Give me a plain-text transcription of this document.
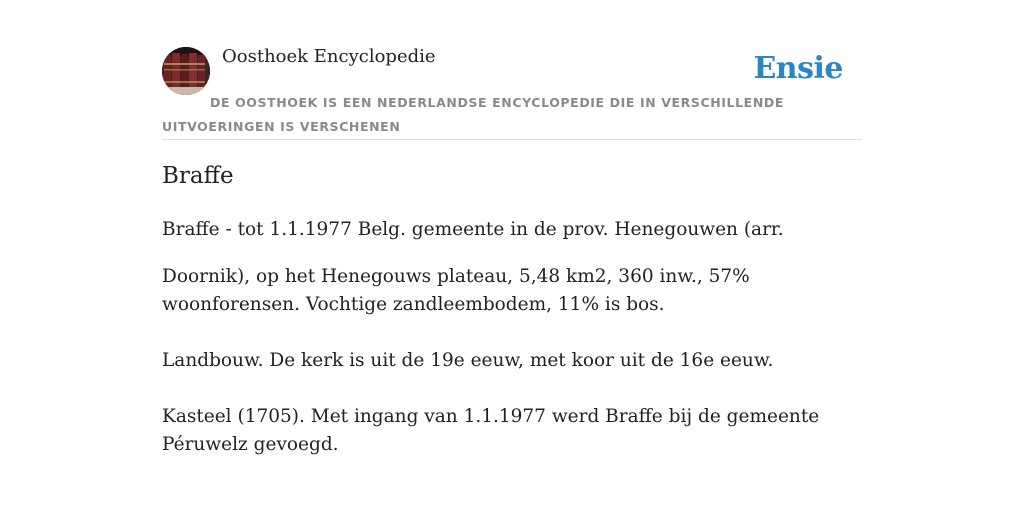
Oosthoek Encyclopedie	Ensie
DE OOSTHOEK IS EEN NEDERLANDSE ENCYCLOPEDIE DIE IN VERSCHILLENDE UITVOERINGEN IS VERSCHENEN
Braffe

Braffe - tot 1.1.1977 Belg. gemeente in de prov. Henegouwen (arr.

Doornik), op het Henegouws plateau, 5,48 km2, 360 inw., 57% woonforensen. Vochtige zandleembodem, 11% is bos.

Landbouw. De kerk is uit de 19e eeuw, met koor uit de 16e eeuw.

Kasteel (1705). Met ingang van 1.1.1977 werd Braffe bij de gemeente Péruwelz gevoegd.
